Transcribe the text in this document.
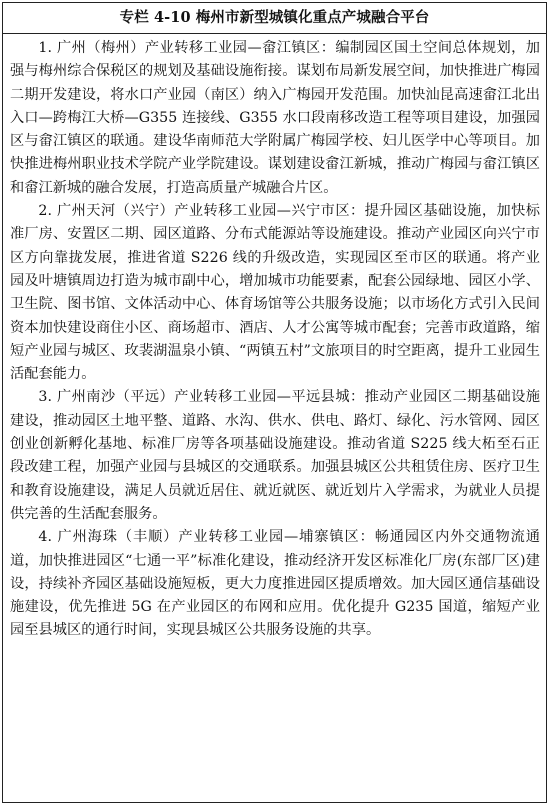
专栏 4-10 梅州市新型城镇化重点产城融合平台

1. 广州（梅州）产业转移工业园—畲江镇区：编制园区国土空间总体规划，加强与梅州综合保税区的规划及基础设施衔接。谋划布局新发展空间，加快推进广梅园二期开发建设，将水口产业园（南区）纳入广梅园开发范围。加快汕昆高速畲江北出入口—跨梅江大桥—G355 连接线、G355 水口段南移改造工程等项目建设，加强园区与畲江镇区的联通。建设华南师范大学附属广梅园学校、妇儿医学中心等项目。加快推进梅州职业技术学院产业学院建设。谋划建设畲江新城，推动广梅园与畲江镇区和畲江新城的融合发展，打造高质量产城融合片区。

2. 广州天河（兴宁）产业转移工业园—兴宁市区：提升园区基础设施，加快标准厂房、安置区二期、园区道路、分布式能源站等设施建设。推动产业园区向兴宁市区方向靠拢发展，推进省道 S226 线的升级改造，实现园区至市区的联通。将产业园及叶塘镇周边打造为城市副中心，增加城市功能要素，配套公园绿地、园区小学、卫生院、图书馆、文体活动中心、体育场馆等公共服务设施；以市场化方式引入民间资本加快建设商住小区、商场超市、酒店、人才公寓等城市配套；完善市政道路，缩短产业园与城区、玫裴湖温泉小镇、“两镇五村”文旅项目的时空距离，提升工业园生活配套能力。

3. 广州南沙（平远）产业转移工业园—平远县城：推动产业园区二期基础设施建设，推动园区土地平整、道路、水沟、供水、供电、路灯、绿化、污水管网、园区创业创新孵化基地、标准厂房等各项基础设施建设。推动省道 S225 线大柘至石正段改建工程，加强产业园与县城区的交通联系。加强县城区公共租赁住房、医疗卫生和教育设施建设，满足人员就近居住、就近就医、就近划片入学需求，为就业人员提供完善的生活配套服务。

4. 广州海珠（丰顺）产业转移工业园—埔寨镇区：畅通园区内外交通物流通道，加快推进园区“七通一平”标准化建设，推动经济开发区标准化厂房(东部厂区)建设，持续补齐园区基础设施短板，更大力度推进园区提质增效。加大园区通信基础设施建设，优先推进 5G 在产业园区的布网和应用。优化提升 G235 国道，缩短产业园至县城区的通行时间，实现县城区公共服务设施的共享。
